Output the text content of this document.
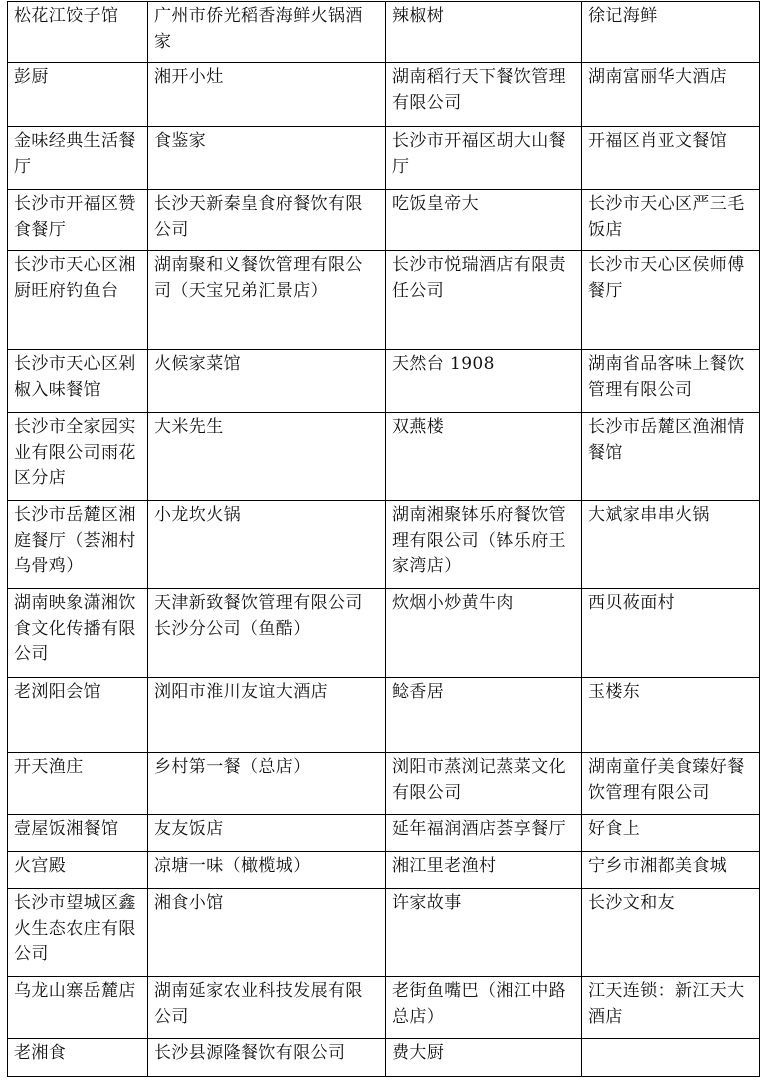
松花江饺子馆	广州市侨光稻香海鲜火锅酒家	辣椒树	徐记海鲜
彭厨	湘开小灶	湖南稻行天下餐饮管理有限公司	湖南富丽华大酒店
金味经典生活餐厅	食鉴家	长沙市开福区胡大山餐厅	开福区肖亚文餐馆
长沙市开福区赞食餐厅	长沙天新秦皇食府餐饮有限公司	吃饭皇帝大	长沙市天心区严三毛饭店
长沙市天心区湘厨旺府钓鱼台	湖南聚和义餐饮管理有限公司（天宝兄弟汇景店）	长沙市悦瑞酒店有限责任公司	长沙市天心区侯师傅餐厅
长沙市天心区剁椒入味餐馆	火候家菜馆	天然台 1908	湖南省品客味上餐饮管理有限公司
长沙市全家园实业有限公司雨花区分店	大米先生	双燕楼	长沙市岳麓区渔湘情餐馆
长沙市岳麓区湘庭餐厅（荟湘村乌骨鸡）	小龙坎火锅	湖南湘聚钵乐府餐饮管理有限公司（钵乐府王家湾店）	大斌家串串火锅
湖南映象潇湘饮食文化传播有限公司	天津新致餐饮管理有限公司长沙分公司（鱼酷）	炊烟小炒黄牛肉	西贝莜面村
老浏阳会馆	浏阳市淮川友谊大酒店	鲶香居	玉楼东
开天渔庄	乡村第一餐（总店）	浏阳市蒸浏记蒸菜文化有限公司	湖南童仔美食臻好餐饮管理有限公司
壹屋饭湘餐馆	友友饭店	延年福润酒店荟享餐厅	好食上
火宫殿	凉塘一味（橄榄城）	湘江里老渔村	宁乡市湘都美食城
长沙市望城区鑫火生态农庄有限公司	湘食小馆	许家故事	长沙文和友
乌龙山寨岳麓店	湖南延家农业科技发展有限公司	老街鱼嘴巴（湘江中路总店）	江天连锁：新江天大酒店
老湘食	长沙县源隆餐饮有限公司	费大厨	
